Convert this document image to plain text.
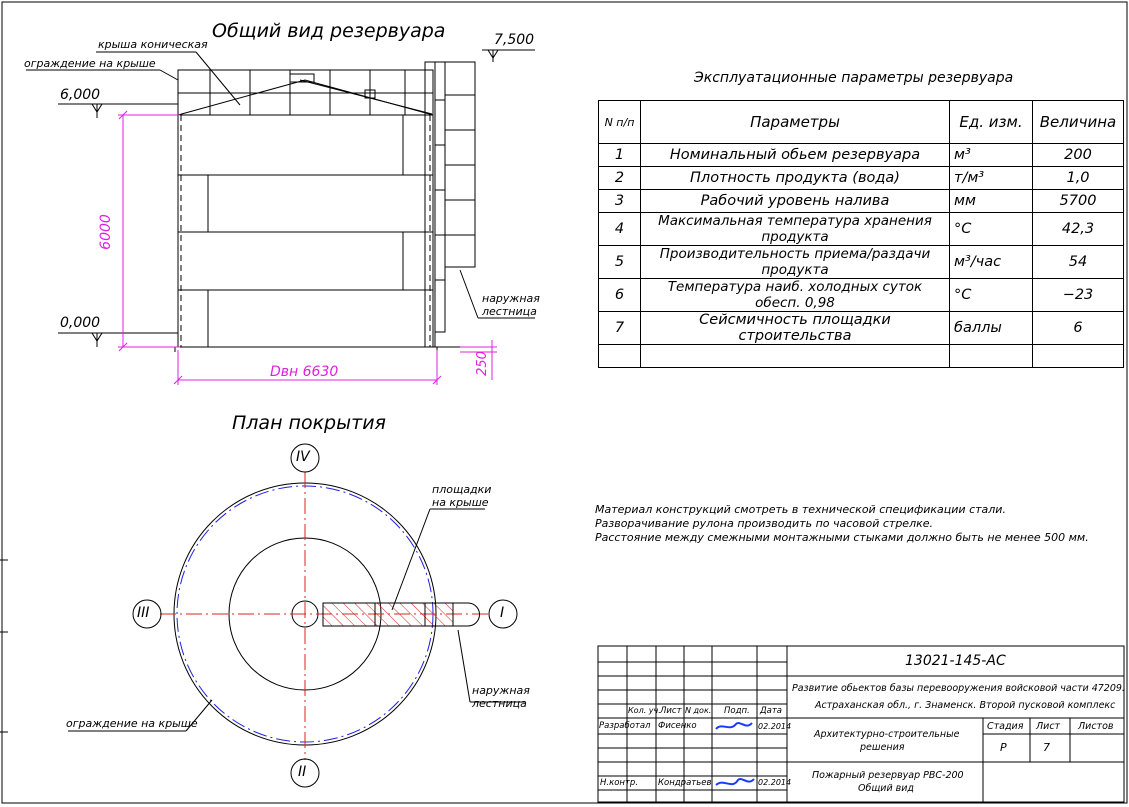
Общий вид резервуара
крыша коническая
ограждение на крыше
6,000
0,000
7,500
6000
Dвн 6630	250
наружная
лестница
План покрытия
IV
III	I
II
площадки
на крыше
наружная
лестница
ограждение на крыше
Эксплуатационные параметры резервуара
N п/п	Параметры	Ед. изм.	Величина
1	Номинальный обьем резервуара	м³	200
2	Плотность продукта (вода)	т/м³	1,0
3	Рабочий уровень налива	мм	5700
4	Максимальная температура хранения продукта	°С	42,3
5	Производительность приема/раздачи продукта	м³/час	54
6	Температура наиб. холодных суток обесп. 0,98	°С	−23
7	Сейсмичность площадки строительства	баллы	6

Материал конструкций смотреть в технической спецификации стали.
Разворачивание рулона производить по часовой стрелке.
Расстояние между смежными монтажными стыками должно быть не менее 500 мм.
13021-145-АС
Развитие обьектов базы перевооружения войсковой части 47209.
Астраханская обл., г. Знаменск. Второй пусковой комплекс
Кол. уч. Лист N док. Подп. Дата
Разработал Фисенко	02.2014
Н.контр. Кондратьев	02.2014
Архитектурно-строительные
решения
Стадия Лист Листов
Р	7
Пожарный резервуар РВС-200
Общий вид
